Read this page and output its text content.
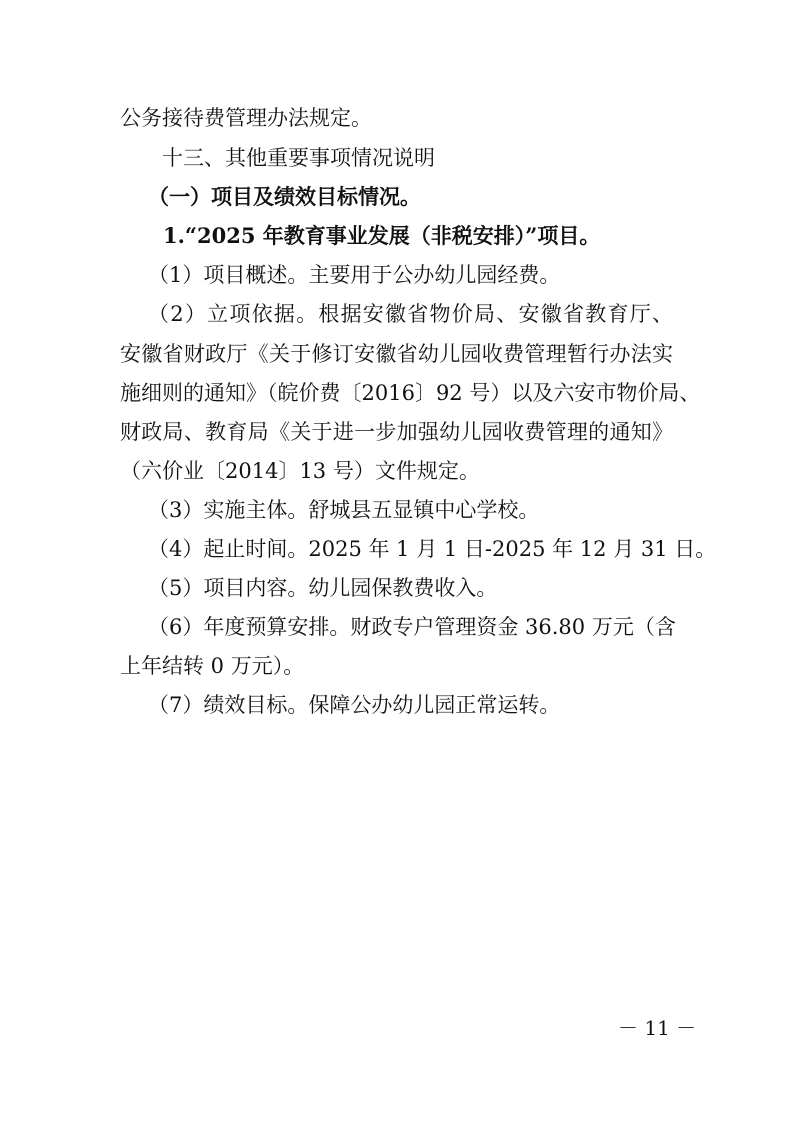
公务接待费管理办法规定。
十三、其他重要事项情况说明
（一）项目及绩效目标情况。
1.“2025 年教育事业发展（非税安排）”项目。
（1）项目概述。主要用于公办幼儿园经费。
（2）立项依据。根据安徽省物价局、安徽省教育厅、
安徽省财政厅《关于修订安徽省幼儿园收费管理暂行办法实
施细则的通知》（皖价费〔2016〕92 号）以及六安市物价局、
财政局、教育局《关于进一步加强幼儿园收费管理的通知》
（六价业〔2014〕13 号）文件规定。
（3）实施主体。舒城县五显镇中心学校。
（4）起止时间。2025 年 1 月 1 日-2025 年 12 月 31 日。
（5）项目内容。幼儿园保教费收入。
（6）年度预算安排。财政专户管理资金 36.80 万元（含
上年结转 0 万元）。
（7）绩效目标。保障公办幼儿园正常运转。
－ 11 －
